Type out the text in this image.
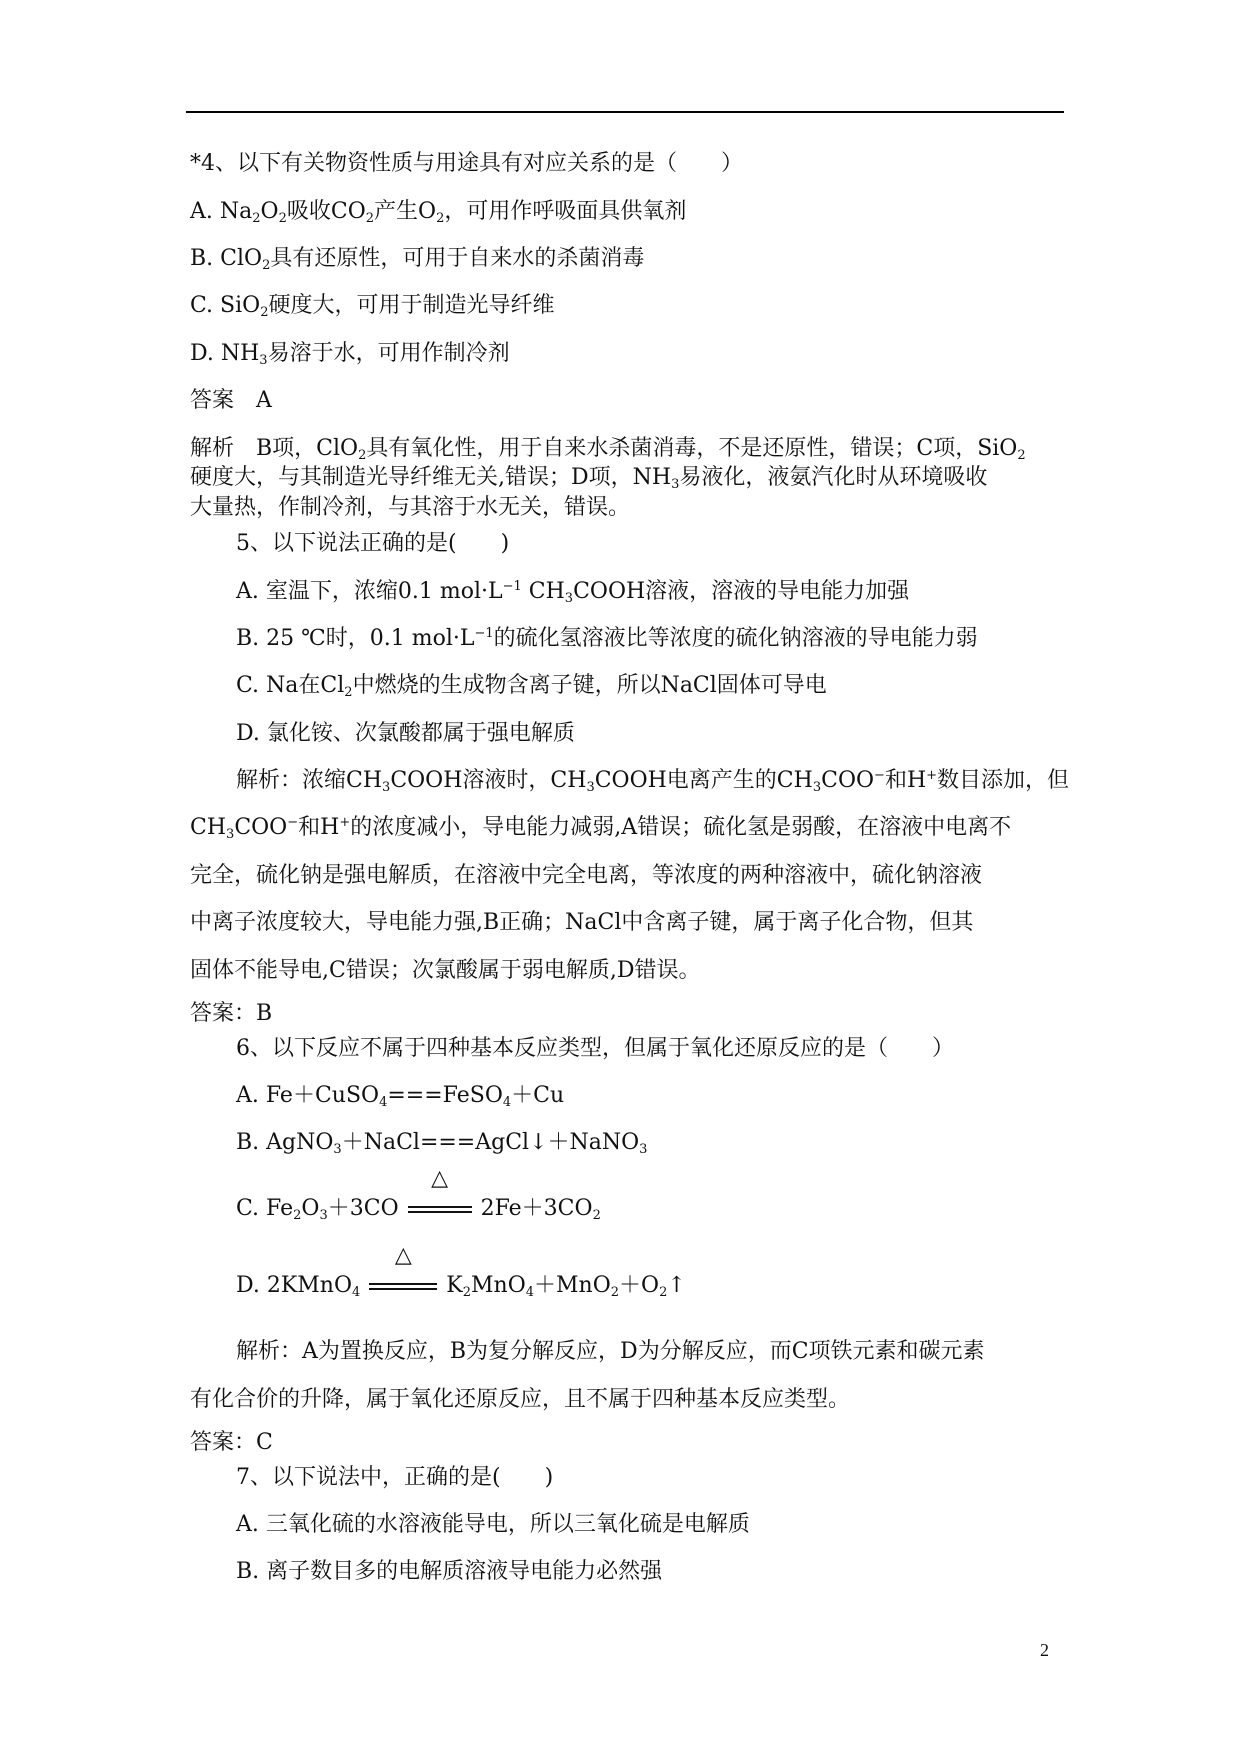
*4、以下有关物资性质与用途具有对应关系的是（　　）
A. $Na_2O_2$吸收$CO_2$产生$O_2$，可用作呼吸面具供氧剂
B. ClO$_2$具有还原性，可用于自来水的杀菌消毒
C. SiO$_2$硬度大，可用于制造光导纤维
D. $NH_3$易溶于水，可用作制冷剂
答案　A
解析　B项，ClO$_2$具有氧化性，用于自来水杀菌消毒，不是还原性，错误；C项，SiO$_2$
硬度大，与其制造光导纤维无关,错误；D项，$NH_3$易液化，液氨汽化时从环境吸收
大量热，作制冷剂，与其溶于水无关，错误。
5、以下说法正确的是(　　)
A. 室温下，浓缩0.1 $mol\cdot L^{-1}$ $CH_3COOH$溶液，溶液的导电能力加强
B. 25 ℃时，0.1 $mol\cdot L^{-1}$的硫化氢溶液比等浓度的硫化钠溶液的导电能力弱
C. Na在$Cl_2$中燃烧的生成物含离子键，所以NaCl固体可导电
D. 氯化铵、次氯酸都属于强电解质
解析：浓缩$CH_3COOH$溶液时，$CH_3COOH$电离产生的$CH_3COO^-$和H+数目添加，但
$CH_3COO^-$和H+的浓度减小，导电能力减弱,A错误；硫化氢是弱酸，在溶液中电离不
完全，硫化钠是强电解质，在溶液中完全电离，等浓度的两种溶液中，硫化钠溶液
中离子浓度较大，导电能力强,B正确；NaCl中含离子键，属于离子化合物，但其
固体不能导电,C错误；次氯酸属于弱电解质,D错误。
答案：B
6、以下反应不属于四种基本反应类型，但属于氧化还原反应的是（　　）
A. Fe＋CuSO$_4$===FeSO$_4$＋Cu
B. AgNO$_3$＋NaCl===AgCl↓＋NaNO$_3$
C. $Fe_2O_3+3CO$
△
$2Fe+3CO_2$
D. 2KMnO$_4$
△
$K_2MnO_4+MnO_2+O_2↑$
解析：A为置换反应，B为复分解反应，D为分解反应，而C项铁元素和碳元素
有化合价的升降，属于氧化还原反应，且不属于四种基本反应类型。
答案：C
7、以下说法中，正确的是(　　)
A. 三氧化硫的水溶液能导电，所以三氧化硫是电解质
B. 离子数目多的电解质溶液导电能力必然强
2
